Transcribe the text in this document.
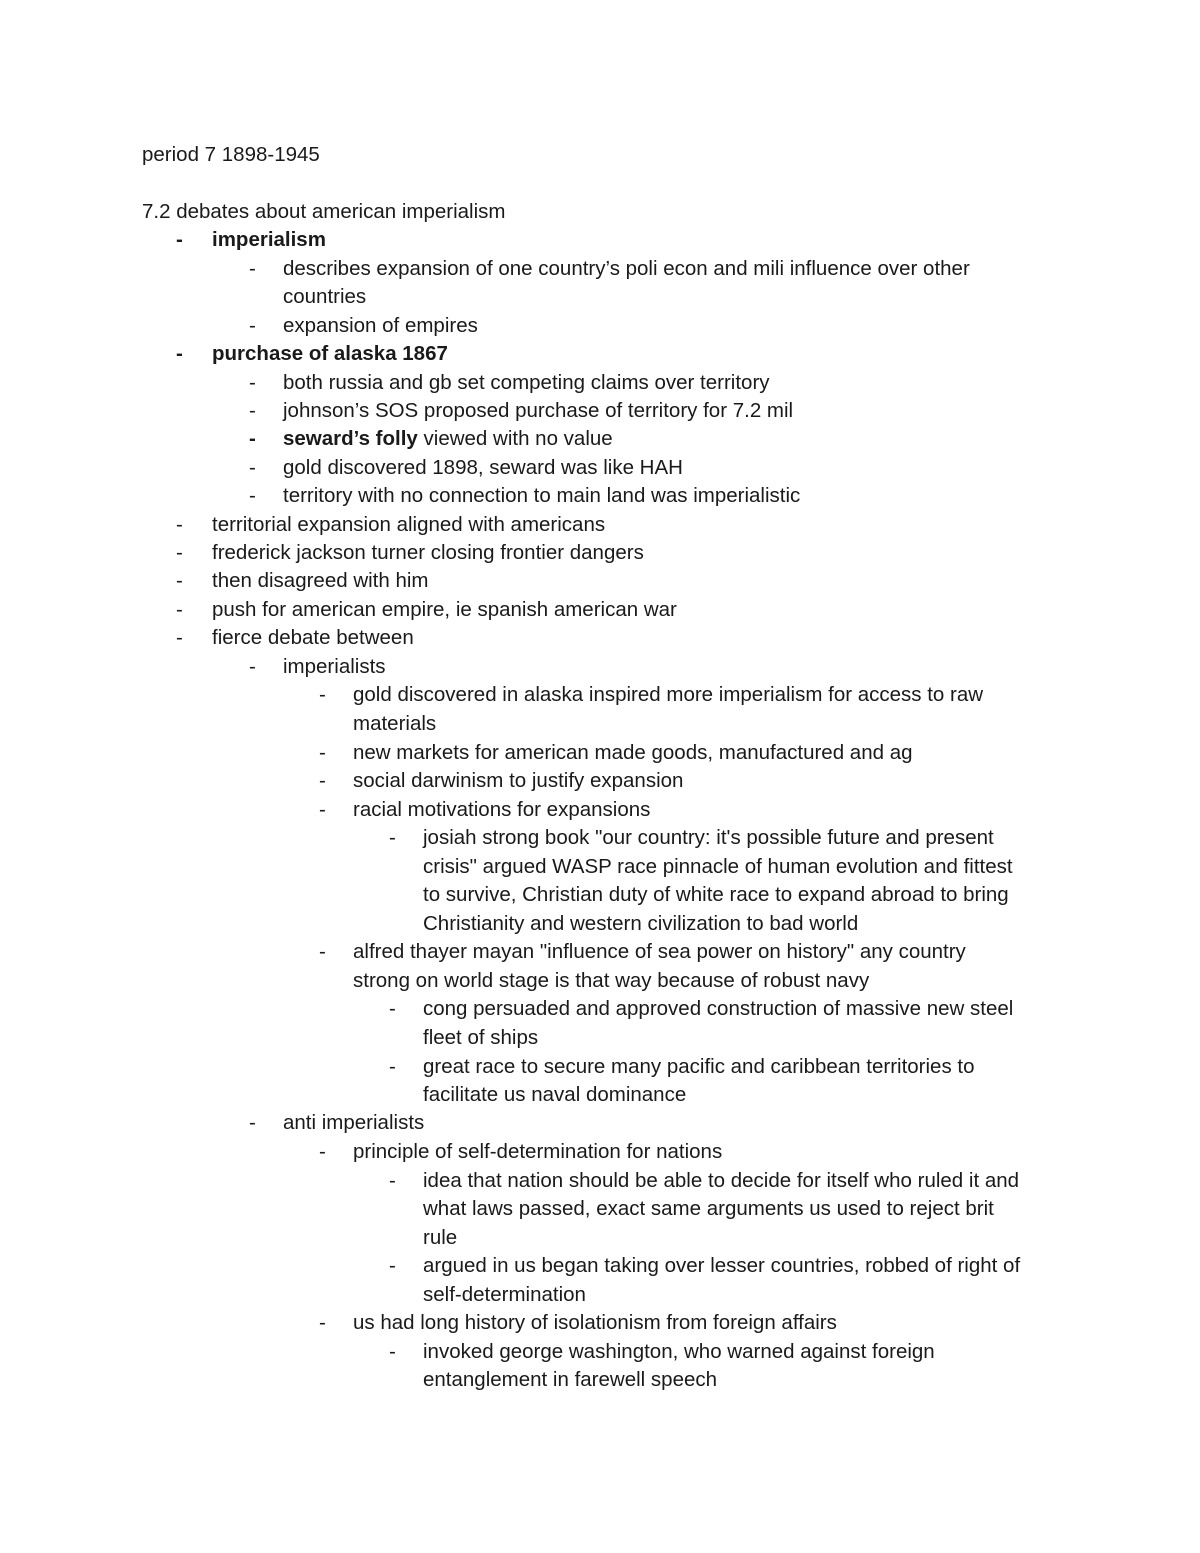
period 7 1898-1945
7.2 debates about american imperialism
- imperialism
- describes expansion of one country’s poli econ and mili influence over other
countries
- expansion of empires
- purchase of alaska 1867
- both russia and gb set competing claims over territory
- johnson’s SOS proposed purchase of territory for 7.2 mil
- seward’s folly viewed with no value
- gold discovered 1898, seward was like HAH
- territory with no connection to main land was imperialistic
- territorial expansion aligned with americans
- frederick jackson turner closing frontier dangers
- then disagreed with him
- push for american empire, ie spanish american war
- fierce debate between
- imperialists
- gold discovered in alaska inspired more imperialism for access to raw
materials
- new markets for american made goods, manufactured and ag
- social darwinism to justify expansion
- racial motivations for expansions
- josiah strong book "our country: it's possible future and present
crisis" argued WASP race pinnacle of human evolution and fittest
to survive, Christian duty of white race to expand abroad to bring
Christianity and western civilization to bad world
- alfred thayer mayan "influence of sea power on history" any country
strong on world stage is that way because of robust navy
- cong persuaded and approved construction of massive new steel
fleet of ships
- great race to secure many pacific and caribbean territories to
facilitate us naval dominance
- anti imperialists
- principle of self-determination for nations
- idea that nation should be able to decide for itself who ruled it and
what laws passed, exact same arguments us used to reject brit
rule
- argued in us began taking over lesser countries, robbed of right of
self-determination
- us had long history of isolationism from foreign affairs
- invoked george washington, who warned against foreign
entanglement in farewell speech
